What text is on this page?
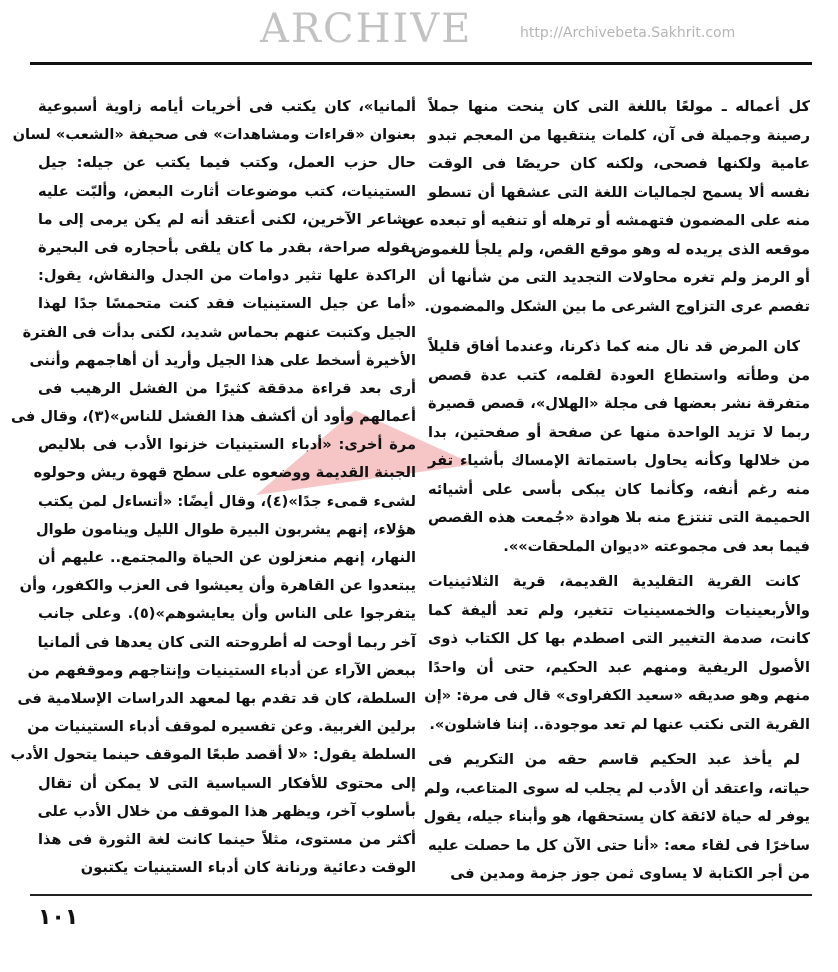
ARCHIVE	http://Archivebeta.Sakhrit.com
كل أعماله ـ مولعًا باللغة التى كان ينحت منها جملاً
رصينة وجميلة فى آن، كلمات ينتقيها من المعجم تبدو
عامية ولكنها فصحى، ولكنه كان حريصًا فى الوقت
نفسه ألا يسمح لجماليات اللغة التى عشقها أن تسطو
منه على المضمون فتهمشه أو ترهله أو تنفيه أو تبعده عن
موقعه الذى يريده له وهو موقع القص، ولم يلجأ للغموض
أو الرمز ولم تغره محاولات التجديد التى من شأنها أن
تفصم عرى التزاوج الشرعى ما بين الشكل والمضمون.
كان المرض قد نال منه كما ذكرنا، وعندما أفاق قليلاً
من وطأته واستطاع العودة لقلمه، كتب عدة قصص
متفرقة نشر بعضها فى مجلة «الهلال»، قصص قصيرة
ربما لا تزيد الواحدة منها عن صفحة أو صفحتين، بدا
من خلالها وكأنه يحاول باستماتة الإمساك بأشياء تفر
منه رغم أنفه، وكأنما كان يبكى بأسى على أشيائه
الحميمة التى تنتزع منه بلا هوادة «جُمعت هذه القصص
فيما بعد فى مجموعته «ديوان الملحقات»».
كانت القرية التقليدية القديمة، قرية الثلاثينيات
والأربعينيات والخمسينيات تتغير، ولم تعد أليفة كما
كانت، صدمة التغيير التى اصطدم بها كل الكتاب ذوى
الأصول الريفية ومنهم عبد الحكيم، حتى أن واحدًا
منهم وهو صديقه «سعيد الكفراوى» قال فى مرة: «إن
القرية التى نكتب عنها لم تعد موجودة.. إننا فاشلون».
لم يأخذ عبد الحكيم قاسم حقه من التكريم فى
حياته، واعتقد أن الأدب لم يجلب له سوى المتاعب، ولم
يوفر له حياة لائقة كان يستحقها، هو وأبناء جيله، يقول
ساخرًا فى لقاء معه: «أنا حتى الآن كل ما حصلت عليه
من أجر الكتابة لا يساوى ثمن جوز جزمة ومدين فى
ألمانيا»، كان يكتب فى أخريات أيامه زاوية أسبوعية
بعنوان «قراءات ومشاهدات» فى صحيفة «الشعب» لسان
حال حزب العمل، وكتب فيما يكتب عن جيله: جيل
الستينيات، كتب موضوعات أثارت البعض، وألبّت عليه
مشاعر الآخرين، لكنى أعتقد أنه لم يكن يرمى إلى ما
يقوله صراحة، بقدر ما كان يلقى بأحجاره فى البحيرة
الراكدة علها تثير دوامات من الجدل والنقاش، يقول:
«أما عن جيل الستينيات فقد كنت متحمسًا جدًا لهذا
الجيل وكتبت عنهم بحماس شديد، لكنى بدأت فى الفترة
الأخيرة أسخط على هذا الجيل وأريد أن أهاجمهم وأننى
أرى بعد قراءة مدققة كثيرًا من الفشل الرهيب فى
أعمالهم وأود أن أكشف هذا الفشل للناس»(٣)، وقال فى
مرة أخرى: «أدباء الستينيات خزنوا الأدب فى بلاليص
الجبنة القديمة ووضعوه على سطح قهوة ريش وحولوه
لشىء قمىء جدًا»(٤)، وقال أيضًا: «أتساءل لمن يكتب
هؤلاء، إنهم يشربون البيرة طوال الليل وينامون طوال
النهار، إنهم منعزلون عن الحياة والمجتمع.. عليهم أن
يبتعدوا عن القاهرة وأن يعيشوا فى العزب والكفور، وأن
يتفرجوا على الناس وأن يعايشوهم»(٥). وعلى جانب
آخر ربما أوحت له أطروحته التى كان يعدها فى ألمانيا
ببعض الآراء عن أدباء الستينيات وإنتاجهم وموقفهم من
السلطة، كان قد تقدم بها لمعهد الدراسات الإسلامية فى
برلين الغربية. وعن تفسيره لموقف أدباء الستينيات من
السلطة يقول: «لا أقصد طبعًا الموقف حينما يتحول الأدب
إلى محتوى للأفكار السياسية التى لا يمكن أن تقال
بأسلوب آخر، ويظهر هذا الموقف من خلال الأدب على
أكثر من مستوى، مثلاً حينما كانت لغة الثورة فى هذا
الوقت دعائية ورنانة كان أدباء الستينيات يكتبون
١٠١
